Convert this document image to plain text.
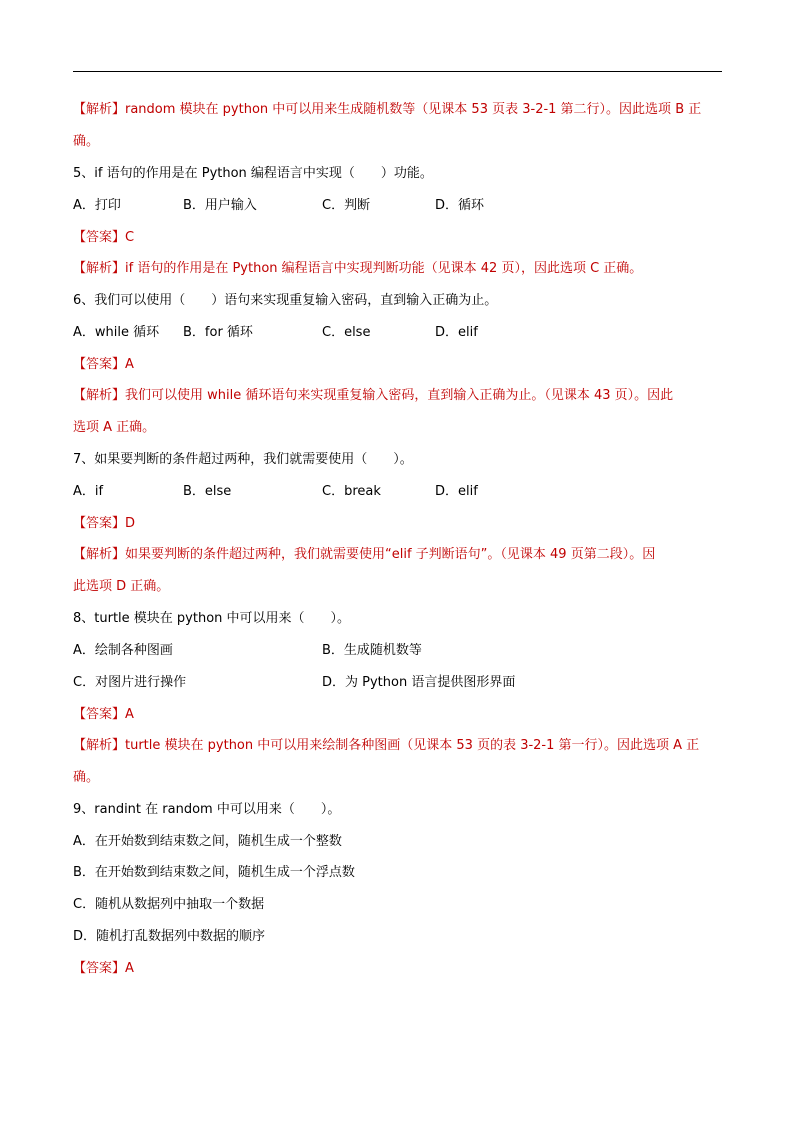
【解析】random 模块在 python 中可以用来生成随机数等（见课本 53 页表 3-2-1 第二行）。因此选项 B 正
确。
5、if 语句的作用是在 Python 编程语言中实现（　　）功能。
A．打印	B．用户输入	C．判断	D．循环
【答案】C
【解析】if 语句的作用是在 Python 编程语言中实现判断功能（见课本 42 页），因此选项 C 正确。
6、我们可以使用（　　）语句来实现重复输入密码，直到输入正确为止。
A．while 循环 B．for 循环	C．else	D．elif
【答案】A
【解析】我们可以使用 while 循环语句来实现重复输入密码，直到输入正确为止。（见课本 43 页）。因此
选项 A 正确。
7、如果要判断的条件超过两种，我们就需要使用（　　）。
A．if	B．else	C．break	D．elif
【答案】D
【解析】如果要判断的条件超过两种，我们就需要使用“elif 子判断语句”。（见课本 49 页第二段）。因
此选项 D 正确。
8、turtle 模块在 python 中可以用来（　　）。
A．绘制各种图画	B．生成随机数等
C．对图片进行操作	D．为 Python 语言提供图形界面
【答案】A
【解析】turtle 模块在 python 中可以用来绘制各种图画（见课本 53 页的表 3-2-1 第一行）。因此选项 A 正
确。
9、randint 在 random 中可以用来（　　）。
A．在开始数到结束数之间，随机生成一个整数
B．在开始数到结束数之间，随机生成一个浮点数
C．随机从数据列中抽取一个数据
D．随机打乱数据列中数据的顺序
【答案】A
